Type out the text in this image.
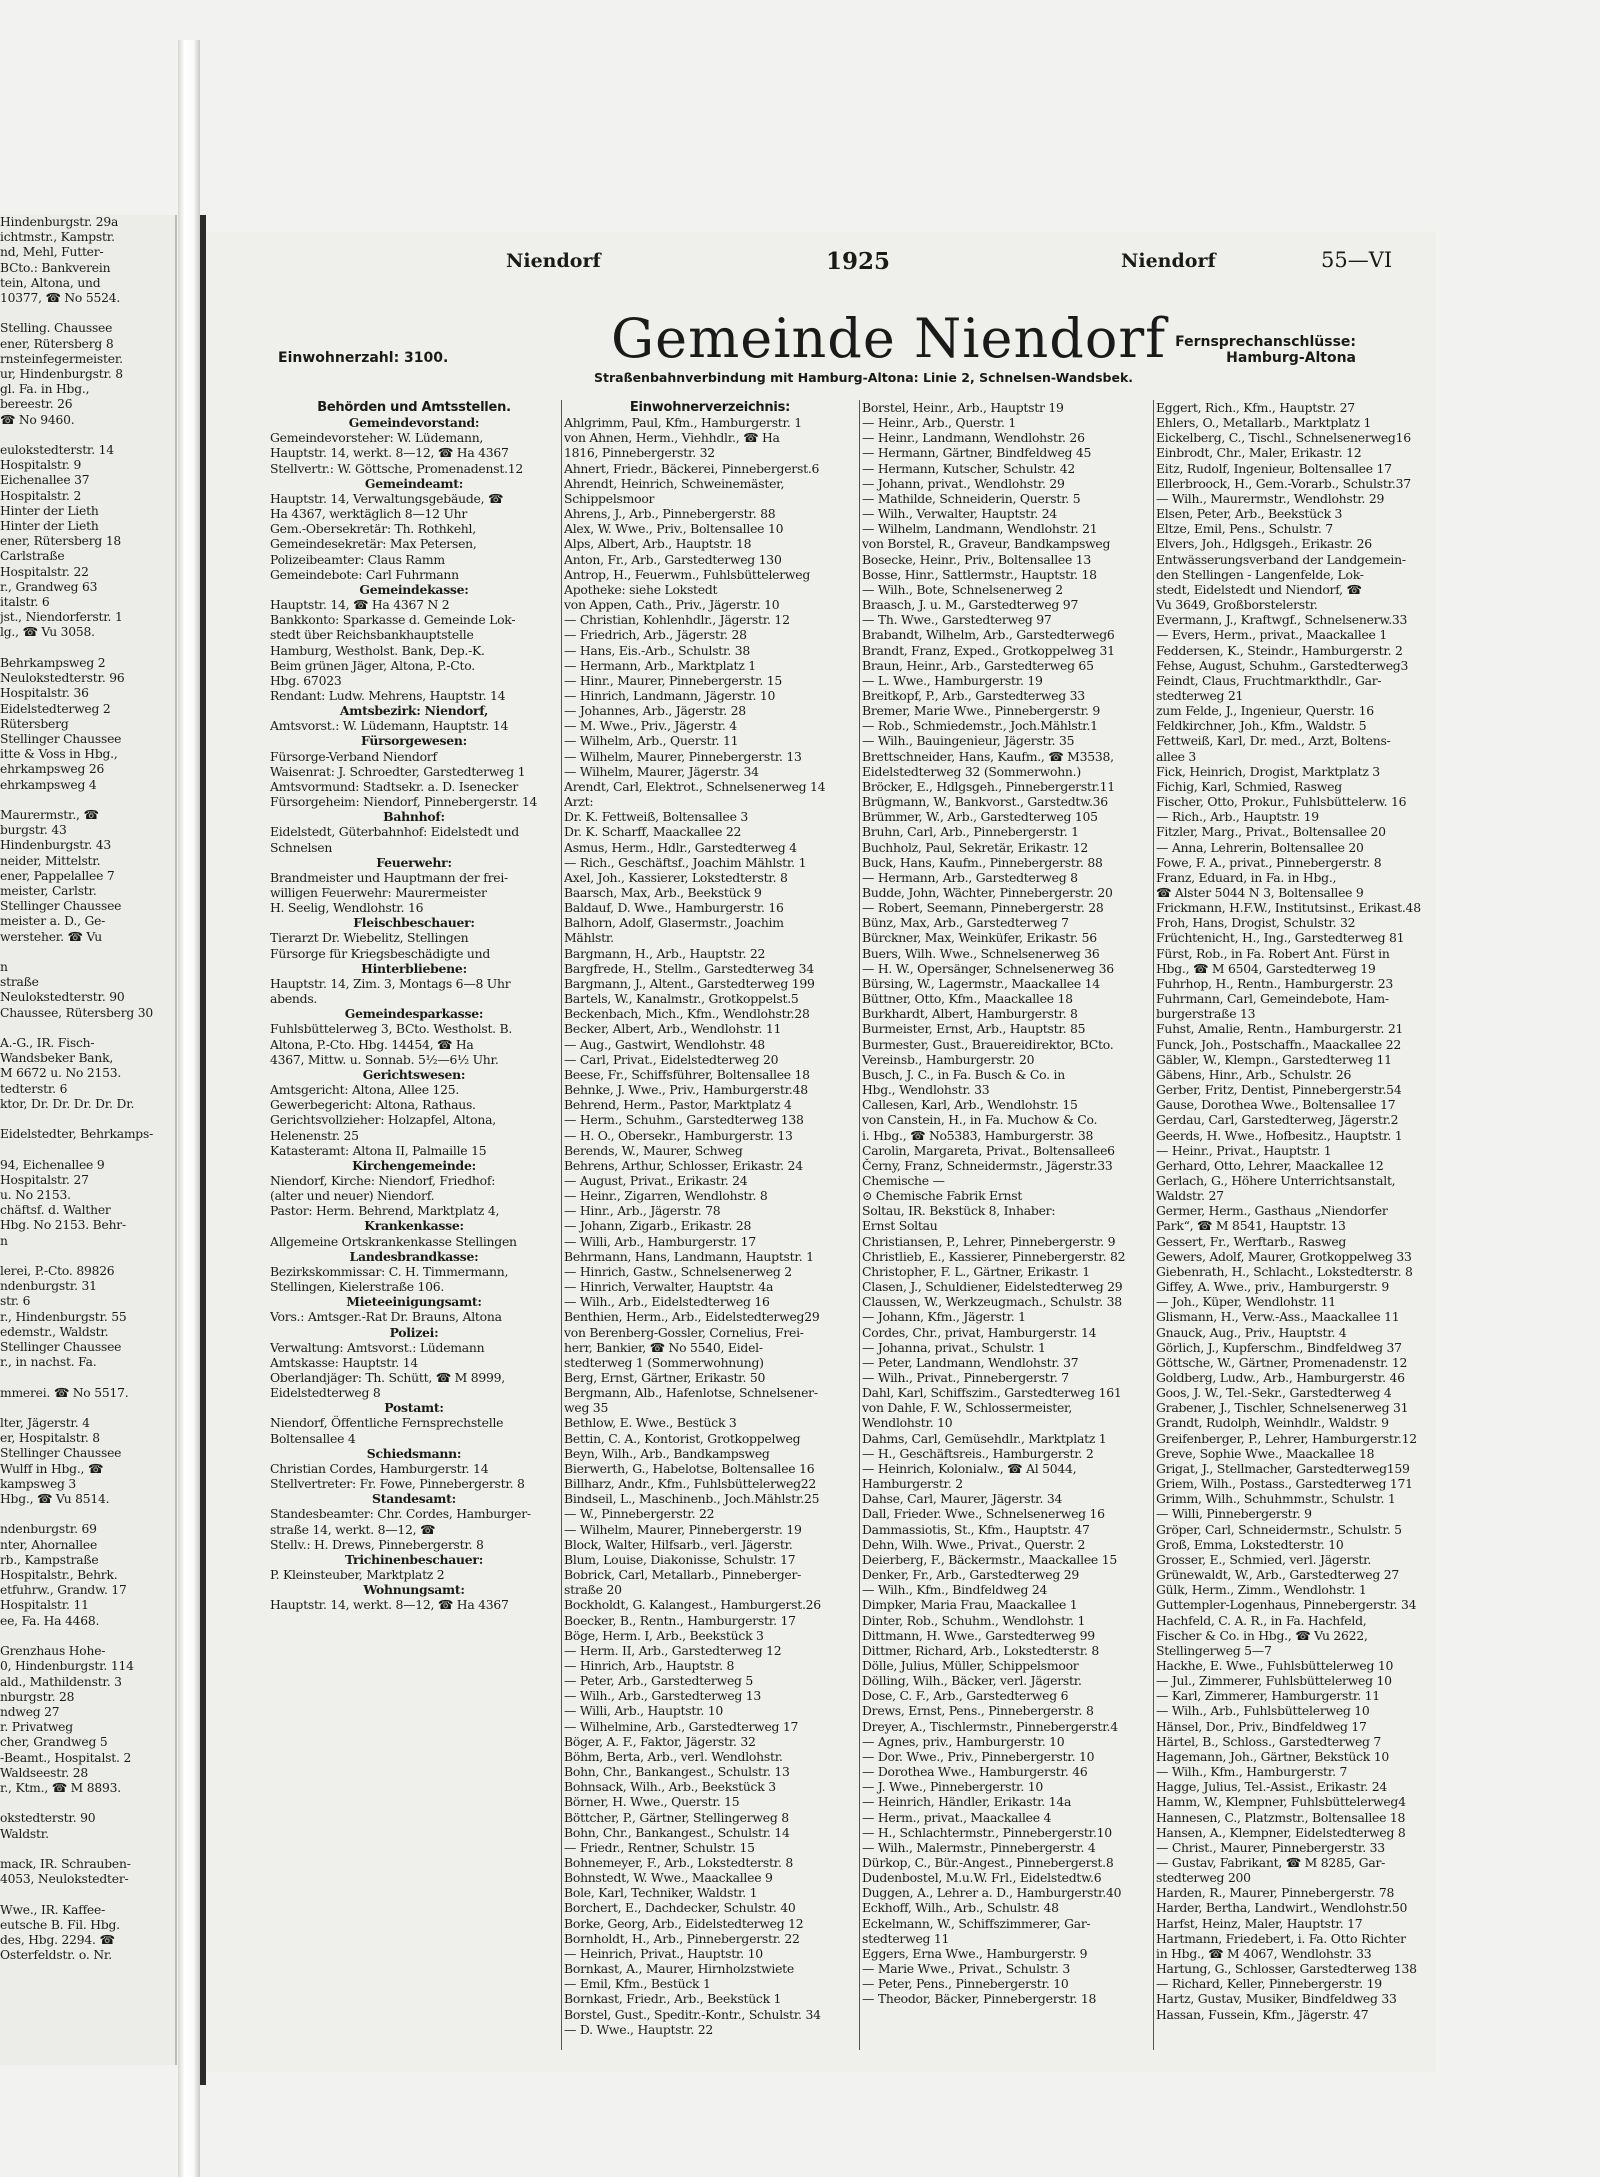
Hindenburgstr. 29a
ichtmstr., Kampstr.
nd, Mehl, Futter-
BCto.: Bankverein
tein, Altona, und
10377, ☎ No 5524.

Stelling. Chaussee
ener, Rütersberg 8
rnsteinfegermeister.
ur, Hindenburgstr. 8
gl. Fa. in Hbg.,
bereestr. 26
☎ No 9460.

eulokstedterstr. 14
Hospitalstr. 9
Eichenallee 37
Hospitalstr. 2
Hinter der Lieth
Hinter der Lieth
ener, Rütersberg 18
Carlstraße
Hospitalstr. 22
r., Grandweg 63
italstr. 6
jst., Niendorferstr. 1
lg., ☎ Vu 3058.

Behrkampsweg 2
Neulokstedterstr. 96
Hospitalstr. 36
Eidelstedterweg 2
Rütersberg
Stellinger Chaussee
itte & Voss in Hbg.,
ehrkampsweg 26
ehrkampsweg 4

Maurermstr., ☎
burgstr. 43
Hindenburgstr. 43
neider, Mittelstr.
ener, Pappelallee 7
meister, Carlstr.
Stellinger Chaussee
meister a. D., Ge-
wersteher. ☎ Vu

n
straße
Neulokstedterstr. 90
Chaussee, Rütersberg 30

A.-G., IR. Fisch-
Wandsbeker Bank,
M 6672 u. No 2153.
tedterstr. 6
ktor, Dr. Dr. Dr. Dr. Dr.

Eidelstedter, Behrkamps-

94, Eichenallee 9
Hospitalstr. 27
u. No 2153.
chäftsf. d. Walther
Hbg. No 2153. Behr-
n

lerei, P.-Cto. 89826
ndenburgstr. 31
str. 6
r., Hindenburgstr. 55
edemstr., Waldstr.
Stellinger Chaussee
r., in nachst. Fa.

mmerei. ☎ No 5517.

lter, Jägerstr. 4
er, Hospitalstr. 8
Stellinger Chaussee
Wulff in Hbg., ☎
kampsweg 3
Hbg., ☎ Vu 8514.

ndenburgstr. 69
nter, Ahornallee
rb., Kampstraße
Hospitalstr., Behrk.
etfuhrw., Grandw. 17
Hospitalstr. 11
ee, Fa. Ha 4468.

Grenzhaus Hohe-
0, Hindenburgstr. 114
ald., Mathildenstr. 3
nburgstr. 28
ndweg 27
r. Privatweg
cher, Grandweg 5
-Beamt., Hospitalst. 2
Waldseestr. 28
r., Ktm., ☎ M 8893.

okstedterstr. 90
Waldstr.

mack, IR. Schrauben-
4053, Neulokstedter-

Wwe., IR. Kaffee-
eutsche B. Fil. Hbg.
des, Hbg. 2294. ☎
Osterfeldstr. o. Nr.
Niendorf	1925	Niendorf	55—VI
Einwohnerzahl: 3100.	Gemeinde Niendorf
Straßenbahnverbindung mit Hamburg-Altona: Linie 2, Schnelsen-Wandsbek.
Fernsprechanschlüsse:
Hamburg-Altona
Behörden und Amtsstellen.
Gemeindevorstand:
Gemeindevorsteher: W. Lüdemann,
Hauptstr. 14, werkt. 8—12, ☎ Ha 4367
Stellvertr.: W. Göttsche, Promenadenst.12
Gemeindeamt:
Hauptstr. 14, Verwaltungsgebäude, ☎
Ha 4367, werktäglich 8—12 Uhr
Gem.-Obersekretär: Th. Rothkehl,
Gemeindesekretär: Max Petersen,
Polizeibeamter: Claus Ramm
Gemeindebote: Carl Fuhrmann
Gemeindekasse:
Hauptstr. 14, ☎ Ha 4367 N 2
Bankkonto: Sparkasse d. Gemeinde Lok-
stedt über Reichsbankhauptstelle
Hamburg, Westholst. Bank, Dep.-K.
Beim grünen Jäger, Altona, P.-Cto.
Hbg. 67023
Rendant: Ludw. Mehrens, Hauptstr. 14
Amtsbezirk: Niendorf,
Amtsvorst.: W. Lüdemann, Hauptstr. 14
Fürsorgewesen:
Fürsorge-Verband Niendorf
Waisenrat: J. Schroedter, Garstedterweg 1
Amtsvormund: Stadtsekr. a. D. Isenecker
Fürsorgeheim: Niendorf, Pinnebergerstr. 14
Bahnhof:
Eidelstedt, Güterbahnhof: Eidelstedt und
Schnelsen
Feuerwehr:
Brandmeister und Hauptmann der frei-
willigen Feuerwehr: Maurermeister
H. Seelig, Wendlohstr. 16
Fleischbeschauer:
Tierarzt Dr. Wiebelitz, Stellingen
Fürsorge für Kriegsbeschädigte und
Hinterbliebene:
Hauptstr. 14, Zim. 3, Montags 6—8 Uhr
abends.
Gemeindesparkasse:
Fuhlsbüttelerweg 3, BCto. Westholst. B.
Altona, P.-Cto. Hbg. 14454, ☎ Ha
4367, Mittw. u. Sonnab. 5½—6½ Uhr.
Gerichtswesen:
Amtsgericht: Altona, Allee 125.
Gewerbegericht: Altona, Rathaus.
Gerichtsvollzieher: Holzapfel, Altona,
Helenenstr. 25
Katasteramt: Altona II, Palmaille 15
Kirchengemeinde:
Niendorf, Kirche: Niendorf, Friedhof:
(alter und neuer) Niendorf.
Pastor: Herm. Behrend, Marktplatz 4,
Krankenkasse:
Allgemeine Ortskrankenkasse Stellingen
Landesbrandkasse:
Bezirkskommissar: C. H. Timmermann,
Stellingen, Kielerstraße 106.
Mieteeinigungsamt:
Vors.: Amtsger.-Rat Dr. Brauns, Altona
Polizei:
Verwaltung: Amtsvorst.: Lüdemann
Amtskasse: Hauptstr. 14
Oberlandjäger: Th. Schütt, ☎ M 8999,
Eidelstedterweg 8
Postamt:
Niendorf, Öffentliche Fernsprechstelle
Boltensallee 4
Schiedsmann:
Christian Cordes, Hamburgerstr. 14
Stellvertreter: Fr. Fowe, Pinnebergerstr. 8
Standesamt:
Standesbeamter: Chr. Cordes, Hamburger-
straße 14, werkt. 8—12, ☎
Stellv.: H. Drews, Pinnebergerstr. 8
Trichinenbeschauer:
P. Kleinsteuber, Marktplatz 2
Wohnungsamt:
Hauptstr. 14, werkt. 8—12, ☎ Ha 4367
Einwohnerverzeichnis:
Ahlgrimm, Paul, Kfm., Hamburgerstr. 1
von Ahnen, Herm., Viehhdlr., ☎ Ha
1816, Pinnebergerstr. 32
Ahnert, Friedr., Bäckerei, Pinnebergerst.6
Ahrendt, Heinrich, Schweinemäster,
Schippelsmoor
Ahrens, J., Arb., Pinnebergerstr. 88
Alex, W. Wwe., Priv., Boltensallee 10
Alps, Albert, Arb., Hauptstr. 18
Anton, Fr., Arb., Garstedterweg 130
Antrop, H., Feuerwm., Fuhlsbüttelerweg
Apotheke: siehe Lokstedt
von Appen, Cath., Priv., Jägerstr. 10
— Christian, Kohlenhdlr., Jägerstr. 12
— Friedrich, Arb., Jägerstr. 28
— Hans, Eis.-Arb., Schulstr. 38
— Hermann, Arb., Marktplatz 1
— Hinr., Maurer, Pinnebergerstr. 15
— Hinrich, Landmann, Jägerstr. 10
— Johannes, Arb., Jägerstr. 28
— M. Wwe., Priv., Jägerstr. 4
— Wilhelm, Arb., Querstr. 11
— Wilhelm, Maurer, Pinnebergerstr. 13
— Wilhelm, Maurer, Jägerstr. 34
Arendt, Carl, Elektrot., Schnelsenerweg 14
Arzt:
Dr. K. Fettweiß, Boltensallee 3
Dr. K. Scharff, Maackallee 22
Asmus, Herm., Hdlr., Garstedterweg 4
— Rich., Geschäftsf., Joachim Mählstr. 1
Axel, Joh., Kassierer, Lokstedterstr. 8
Baarsch, Max, Arb., Beekstück 9
Baldauf, D. Wwe., Hamburgerstr. 16
Balhorn, Adolf, Glasermstr., Joachim
Mählstr.
Bargmann, H., Arb., Hauptstr. 22
Bargfrede, H., Stellm., Garstedterweg 34
Bargmann, J., Altent., Garstedterweg 199
Bartels, W., Kanalmstr., Grotkoppelst.5
Beckenbach, Mich., Kfm., Wendlohstr.28
Becker, Albert, Arb., Wendlohstr. 11
— Aug., Gastwirt, Wendlohstr. 48
— Carl, Privat., Eidelstedterweg 20
Beese, Fr., Schiffsführer, Boltensallee 18
Behnke, J. Wwe., Priv., Hamburgerstr.48
Behrend, Herm., Pastor, Marktplatz 4
— Herm., Schuhm., Garstedterweg 138
— H. O., Obersekr., Hamburgerstr. 13
Berends, W., Maurer, Schweg
Behrens, Arthur, Schlosser, Erikastr. 24
— August, Privat., Erikastr. 24
— Heinr., Zigarren, Wendlohstr. 8
— Hinr., Arb., Jägerstr. 78
— Johann, Zigarb., Erikastr. 28
— Willi, Arb., Hamburgerstr. 17
Behrmann, Hans, Landmann, Hauptstr. 1
— Hinrich, Gastw., Schnelsenerweg 2
— Hinrich, Verwalter, Hauptstr. 4a
— Wilh., Arb., Eidelstedterweg 16
Benthien, Herm., Arb., Eidelstedterweg29
von Berenberg-Gossler, Cornelius, Frei-
herr, Bankier, ☎ No 5540, Eidel-
stedterweg 1 (Sommerwohnung)
Berg, Ernst, Gärtner, Erikastr. 50
Bergmann, Alb., Hafenlotse, Schnelsener-
weg 35
Bethlow, E. Wwe., Bestück 3
Bettin, C. A., Kontorist, Grotkoppelweg
Beyn, Wilh., Arb., Bandkampsweg
Bierwerth, G., Habelotse, Boltensallee 16
Billharz, Andr., Kfm., Fuhlsbüttelerweg22
Bindseil, L., Maschinenb., Joch.Mählstr.25
— W., Pinnebergerstr. 22
— Wilhelm, Maurer, Pinnebergerstr. 19
Block, Walter, Hilfsarb., verl. Jägerstr.
Blum, Louise, Diakonisse, Schulstr. 17
Bobrick, Carl, Metallarb., Pinneberger-
straße 20
Bockholdt, G. Kalangest., Hamburgerst.26
Boecker, B., Rentn., Hamburgerstr. 17
Böge, Herm. I, Arb., Beekstück 3
— Herm. II, Arb., Garstedterweg 12
— Hinrich, Arb., Hauptstr. 8
— Peter, Arb., Garstedterweg 5
— Wilh., Arb., Garstedterweg 13
— Willi, Arb., Hauptstr. 10
— Wilhelmine, Arb., Garstedterweg 17
Böger, A. F., Faktor, Jägerstr. 32
Böhm, Berta, Arb., verl. Wendlohstr.
Bohn, Chr., Bankangest., Schulstr. 13
Bohnsack, Wilh., Arb., Beekstück 3
Börner, H. Wwe., Querstr. 15
Böttcher, P., Gärtner, Stellingerweg 8
Bohn, Chr., Bankangest., Schulstr. 14
— Friedr., Rentner, Schulstr. 15
Bohnemeyer, F., Arb., Lokstedterstr. 8
Bohnstedt, W. Wwe., Maackallee 9
Bole, Karl, Techniker, Waldstr. 1
Borchert, E., Dachdecker, Schulstr. 40
Borke, Georg, Arb., Eidelstedterweg 12
Bornholdt, H., Arb., Pinnebergerstr. 22
— Heinrich, Privat., Hauptstr. 10
Bornkast, A., Maurer, Hirnholzstwiete
— Emil, Kfm., Bestück 1
Bornkast, Friedr., Arb., Beekstück 1
Borstel, Gust., Speditr.-Kontr., Schulstr. 34
— D. Wwe., Hauptstr. 22
Borstel, Heinr., Arb., Hauptstr 19
— Heinr., Arb., Querstr. 1
— Heinr., Landmann, Wendlohstr. 26
— Hermann, Gärtner, Bindfeldweg 45
— Hermann, Kutscher, Schulstr. 42
— Johann, privat., Wendlohstr. 29
— Mathilde, Schneiderin, Querstr. 5
— Wilh., Verwalter, Hauptstr. 24
— Wilhelm, Landmann, Wendlohstr. 21
von Borstel, R., Graveur, Bandkampsweg
Bosecke, Heinr., Priv., Boltensallee 13
Bosse, Hinr., Sattlermstr., Hauptstr. 18
— Wilh., Bote, Schnelsenerweg 2
Braasch, J. u. M., Garstedterweg 97
— Th. Wwe., Garstedterweg 97
Brabandt, Wilhelm, Arb., Garstedterweg6
Brandt, Franz, Exped., Grotkoppelweg 31
Braun, Heinr., Arb., Garstedterweg 65
— L. Wwe., Hamburgerstr. 19
Breitkopf, P., Arb., Garstedterweg 33
Bremer, Marie Wwe., Pinnebergerstr. 9
— Rob., Schmiedemstr., Joch.Mählstr.1
— Wilh., Bauingenieur, Jägerstr. 35
Brettschneider, Hans, Kaufm., ☎ M3538,
Eidelstedterweg 32 (Sommerwohn.)
Bröcker, E., Hdlgsgeh., Pinnebergerstr.11
Brügmann, W., Bankvorst., Garstedtw.36
Brümmer, W., Arb., Garstedterweg 105
Bruhn, Carl, Arb., Pinnebergerstr. 1
Buchholz, Paul, Sekretär, Erikastr. 12
Buck, Hans, Kaufm., Pinnebergerstr. 88
— Hermann, Arb., Garstedterweg 8
Budde, John, Wächter, Pinnebergerstr. 20
— Robert, Seemann, Pinnebergerstr. 28
Bünz, Max, Arb., Garstedterweg 7
Bürckner, Max, Weinküfer, Erikastr. 56
Buers, Wilh. Wwe., Schnelsenerweg 36
— H. W., Opersänger, Schnelsenerweg 36
Bürsing, W., Lagermstr., Maackallee 14
Büttner, Otto, Kfm., Maackallee 18
Burkhardt, Albert, Hamburgerstr. 8
Burmeister, Ernst, Arb., Hauptstr. 85
Burmester, Gust., Brauereidirektor, BCto.
Vereinsb., Hamburgerstr. 20
Busch, J. C., in Fa. Busch & Co. in
Hbg., Wendlohstr. 33
Callesen, Karl, Arb., Wendlohstr. 15
von Canstein, H., in Fa. Muchow & Co.
i. Hbg., ☎ No5383, Hamburgerstr. 38
Carolin, Margareta, Privat., Boltensallee6
Černy, Franz, Schneidermstr., Jägerstr.33
Chemische —
⊙ Chemische Fabrik Ernst
Soltau, IR. Bekstück 8, Inhaber:
Ernst Soltau
Christiansen, P., Lehrer, Pinnebergerstr. 9
Christlieb, E., Kassierer, Pinnebergerstr. 82
Christopher, F. L., Gärtner, Erikastr. 1
Clasen, J., Schuldiener, Eidelstedterweg 29
Claussen, W., Werkzeugmach., Schulstr. 38
— Johann, Kfm., Jägerstr. 1
Cordes, Chr., privat, Hamburgerstr. 14
— Johanna, privat., Schulstr. 1
— Peter, Landmann, Wendlohstr. 37
— Wilh., Privat., Pinnebergerstr. 7
Dahl, Karl, Schiffszim., Garstedterweg 161
von Dahle, F. W., Schlossermeister,
Wendlohstr. 10
Dahms, Carl, Gemüsehdlr., Marktplatz 1
— H., Geschäftsreis., Hamburgerstr. 2
— Heinrich, Kolonialw., ☎ Al 5044,
Hamburgerstr. 2
Dahse, Carl, Maurer, Jägerstr. 34
Dall, Frieder. Wwe., Schnelsenerweg 16
Dammassiotis, St., Kfm., Hauptstr. 47
Dehn, Wilh. Wwe., Privat., Querstr. 2
Deierberg, F., Bäckermstr., Maackallee 15
Denker, Fr., Arb., Garstedterweg 29
— Wilh., Kfm., Bindfeldweg 24
Dimpker, Maria Frau, Maackallee 1
Dinter, Rob., Schuhm., Wendlohstr. 1
Dittmann, H. Wwe., Garstedterweg 99
Dittmer, Richard, Arb., Lokstedterstr. 8
Dölle, Julius, Müller, Schippelsmoor
Dölling, Wilh., Bäcker, verl. Jägerstr.
Dose, C. F., Arb., Garstedterweg 6
Drews, Ernst, Pens., Pinnebergerstr. 8
Dreyer, A., Tischlermstr., Pinnebergerstr.4
— Agnes, priv., Hamburgerstr. 10
— Dor. Wwe., Priv., Pinnebergerstr. 10
— Dorothea Wwe., Hamburgerstr. 46
— J. Wwe., Pinnebergerstr. 10
— Heinrich, Händler, Erikastr. 14a
— Herm., privat., Maackallee 4
— H., Schlachtermstr., Pinnebergerstr.10
— Wilh., Malermstr., Pinnebergerstr. 4
Dürkop, C., Bür.-Angest., Pinnebergerst.8
Dudenbostel, M.u.W. Frl., Eidelstedtw.6
Duggen, A., Lehrer a. D., Hamburgerstr.40
Eckhoff, Wilh., Arb., Schulstr. 48
Eckelmann, W., Schiffszimmerer, Gar-
stedterweg 11
Eggers, Erna Wwe., Hamburgerstr. 9
— Marie Wwe., Privat., Schulstr. 3
— Peter, Pens., Pinnebergerstr. 10
— Theodor, Bäcker, Pinnebergerstr. 18
Eggert, Rich., Kfm., Hauptstr. 27
Ehlers, O., Metallarb., Marktplatz 1
Eickelberg, C., Tischl., Schnelsenerweg16
Einbrodt, Chr., Maler, Erikastr. 12
Eitz, Rudolf, Ingenieur, Boltensallee 17
Ellerbroock, H., Gem.-Vorarb., Schulstr.37
— Wilh., Maurermstr., Wendlohstr. 29
Elsen, Peter, Arb., Beekstück 3
Eltze, Emil, Pens., Schulstr. 7
Elvers, Joh., Hdlgsgeh., Erikastr. 26
Entwässerungsverband der Landgemein-
den Stellingen - Langenfelde, Lok-
stedt, Eidelstedt und Niendorf, ☎
Vu 3649, Großborstelerstr.
Evermann, J., Kraftwgf., Schnelsenerw.33
— Evers, Herm., privat., Maackallee 1
Feddersen, K., Steindr., Hamburgerstr. 2
Fehse, August, Schuhm., Garstedterweg3
Feindt, Claus, Fruchtmarkthdlr., Gar-
stedterweg 21
zum Felde, J., Ingenieur, Querstr. 16
Feldkirchner, Joh., Kfm., Waldstr. 5
Fettweiß, Karl, Dr. med., Arzt, Boltens-
allee 3
Fick, Heinrich, Drogist, Marktplatz 3
Fichig, Karl, Schmied, Rasweg
Fischer, Otto, Prokur., Fuhlsbüttelerw. 16
— Rich., Arb., Hauptstr. 19
Fitzler, Marg., Privat., Boltensallee 20
— Anna, Lehrerin, Boltensallee 20
Fowe, F. A., privat., Pinnebergerstr. 8
Franz, Eduard, in Fa. in Hbg.,
☎ Alster 5044 N 3, Boltensallee 9
Frickmann, H.F.W., Institutsinst., Erikast.48
Froh, Hans, Drogist, Schulstr. 32
Früchtenicht, H., Ing., Garstedterweg 81
Fürst, Rob., in Fa. Robert Ant. Fürst in
Hbg., ☎ M 6504, Garstedterweg 19
Fuhrhop, H., Rentn., Hamburgerstr. 23
Fuhrmann, Carl, Gemeindebote, Ham-
burgerstraße 13
Fuhst, Amalie, Rentn., Hamburgerstr. 21
Funck, Joh., Postschaffn., Maackallee 22
Gäbler, W., Klempn., Garstedterweg 11
Gäbens, Hinr., Arb., Schulstr. 26
Gerber, Fritz, Dentist, Pinnebergerstr.54
Gause, Dorothea Wwe., Boltensallee 17
Gerdau, Carl, Garstedterweg, Jägerstr.2
Geerds, H. Wwe., Hofbesitz., Hauptstr. 1
— Heinr., Privat., Hauptstr. 1
Gerhard, Otto, Lehrer, Maackallee 12
Gerlach, G., Höhere Unterrichtsanstalt,
Waldstr. 27
Germer, Herm., Gasthaus „Niendorfer
Park“, ☎ M 8541, Hauptstr. 13
Gessert, Fr., Werftarb., Rasweg
Gewers, Adolf, Maurer, Grotkoppelweg 33
Giebenrath, H., Schlacht., Lokstedterstr. 8
Giffey, A. Wwe., priv., Hamburgerstr. 9
— Joh., Küper, Wendlohstr. 11
Glismann, H., Verw.-Ass., Maackallee 11
Gnauck, Aug., Priv., Hauptstr. 4
Görlich, J., Kupferschm., Bindfeldweg 37
Göttsche, W., Gärtner, Promenadenstr. 12
Goldberg, Ludw., Arb., Hamburgerstr. 46
Goos, J. W., Tel.-Sekr., Garstedterweg 4
Grabener, J., Tischler, Schnelsenerweg 31
Grandt, Rudolph, Weinhdlr., Waldstr. 9
Greifenberger, P., Lehrer, Hamburgerstr.12
Greve, Sophie Wwe., Maackallee 18
Grigat, J., Stellmacher, Garstedterweg159
Griem, Wilh., Postass., Garstedterweg 171
Grimm, Wilh., Schuhmmstr., Schulstr. 1
— Willi, Pinnebergerstr. 9
Gröper, Carl, Schneidermstr., Schulstr. 5
Groß, Emma, Lokstedterstr. 10
Grosser, E., Schmied, verl. Jägerstr.
Grünewaldt, W., Arb., Garstedterweg 27
Gülk, Herm., Zimm., Wendlohstr. 1
Guttempler-Logenhaus, Pinnebergerstr. 34
Hachfeld, C. A. R., in Fa. Hachfeld,
Fischer & Co. in Hbg., ☎ Vu 2622,
Stellingerweg 5—7
Hackhe, E. Wwe., Fuhlsbüttelerweg 10
— Jul., Zimmerer, Fuhlsbüttelerweg 10
— Karl, Zimmerer, Hamburgerstr. 11
— Wilh., Arb., Fuhlsbüttelerweg 10
Hänsel, Dor., Priv., Bindfeldweg 17
Härtel, B., Schloss., Garstedterweg 7
Hagemann, Joh., Gärtner, Bekstück 10
— Wilh., Kfm., Hamburgerstr. 7
Hagge, Julius, Tel.-Assist., Erikastr. 24
Hamm, W., Klempner, Fuhlsbüttelerweg4
Hannesen, C., Platzmstr., Boltensallee 18
Hansen, A., Klempner, Eidelstedterweg 8
— Christ., Maurer, Pinnebergerstr. 33
— Gustav, Fabrikant, ☎ M 8285, Gar-
stedterweg 200
Harden, R., Maurer, Pinnebergerstr. 78
Harder, Bertha, Landwirt., Wendlohstr.50
Harfst, Heinz, Maler, Hauptstr. 17
Hartmann, Friedebert, i. Fa. Otto Richter
in Hbg., ☎ M 4067, Wendlohstr. 33
Hartung, G., Schlosser, Garstedterweg 138
— Richard, Keller, Pinnebergerstr. 19
Hartz, Gustav, Musiker, Bindfeldweg 33
Hassan, Fussein, Kfm., Jägerstr. 47
